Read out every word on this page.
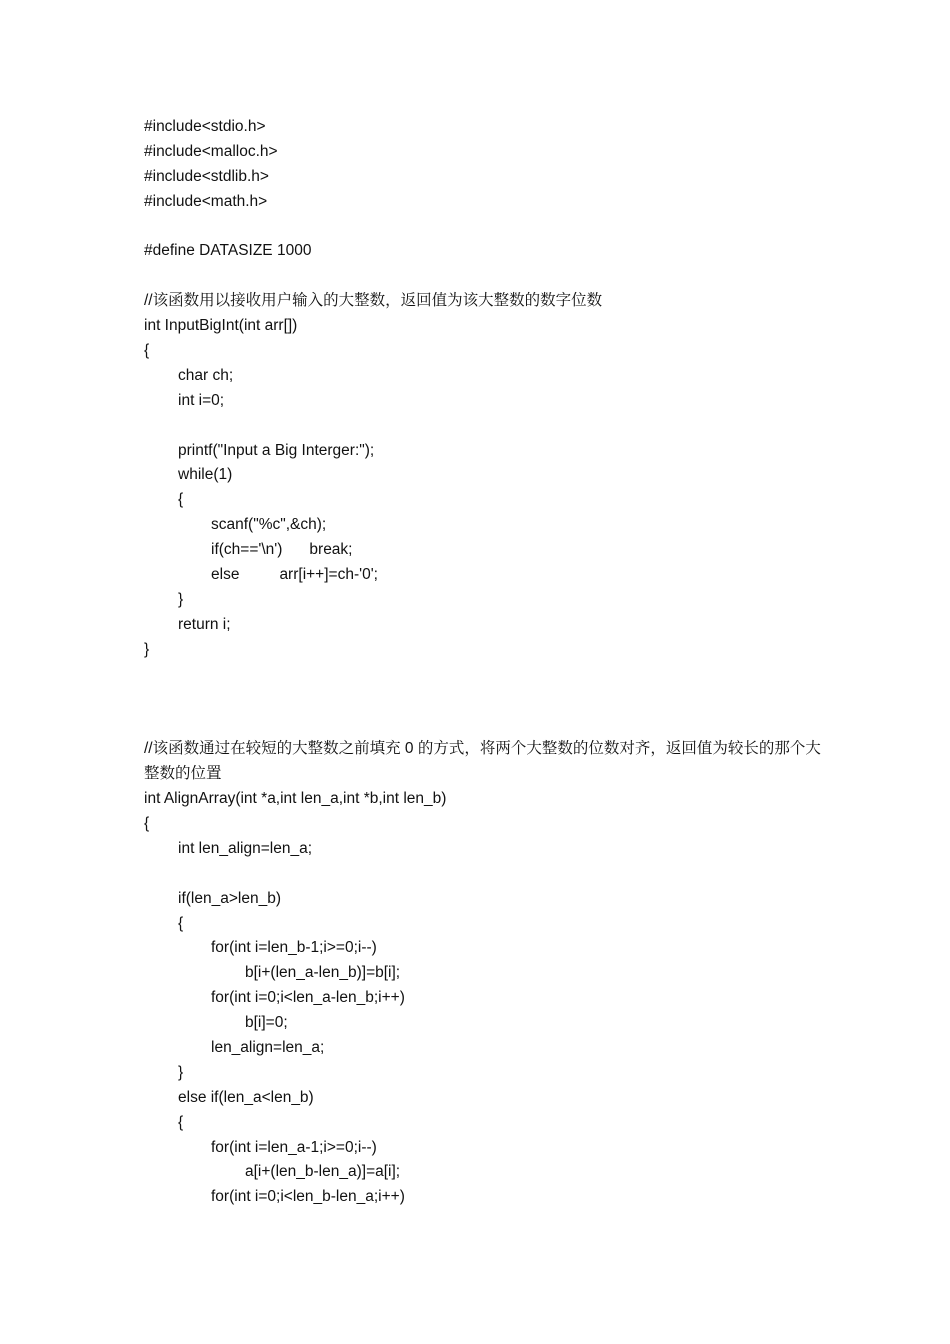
#include<stdio.h>
#include<malloc.h>
#include<stdlib.h>
#include<math.h>
#define DATASIZE 1000
//该函数用以接收用户输入的大整数，返回值为该大整数的数字位数
int InputBigInt(int arr[])
{
char ch;
int i=0;
printf("Input a Big Interger:");
while(1)
{
scanf("%c",&ch);
if(ch=='\n') break;
else	arr[i++]=ch-'0';
}
return i;
}
//该函数通过在较短的大整数之前填充 0 的方式，将两个大整数的位数对齐，返回值为较长的那个大整数的位置
int AlignArray(int *a,int len_a,int *b,int len_b)
{
int len_align=len_a;
if(len_a>len_b)
{
for(int i=len_b-1;i>=0;i--)
b[i+(len_a-len_b)]=b[i];
for(int i=0;i<len_a-len_b;i++)
b[i]=0;
len_align=len_a;
}
else if(len_a<len_b)
{
for(int i=len_a-1;i>=0;i--)
a[i+(len_b-len_a)]=a[i];
for(int i=0;i<len_b-len_a;i++)
